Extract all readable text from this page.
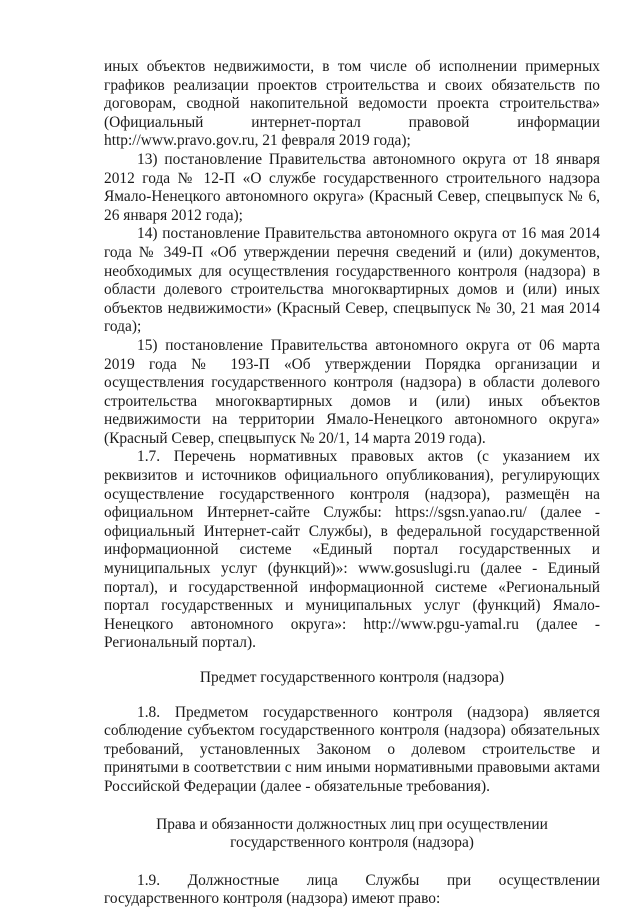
иных объектов недвижимости, в том числе об исполнении примерных графиков реализации проектов строительства и своих обязательств по договорам, сводной накопительной ведомости проекта строительства» (Официальный интернет-портал правовой информации http://www.pravo.gov.ru, 21 февраля 2019 года);

13) постановление Правительства автономного округа от 18 января 2012 года № 12-П «О службе государственного строительного надзора Ямало-Ненецкого автономного округа» (Красный Север, спецвыпуск № 6, 26 января 2012 года);

14) постановление Правительства автономного округа от 16 мая 2014 года № 349-П «Об утверждении перечня сведений и (или) документов, необходимых для осуществления государственного контроля (надзора) в области долевого строительства многоквартирных домов и (или) иных объектов недвижимости» (Красный Север, спецвыпуск № 30, 21 мая 2014 года);

15) постановление Правительства автономного округа от 06 марта 2019 года № 193-П «Об утверждении Порядка организации и осуществления государственного контроля (надзора) в области долевого строительства многоквартирных домов и (или) иных объектов недвижимости на территории Ямало-Ненецкого автономного округа» (Красный Север, спецвыпуск № 20/1, 14 марта 2019 года).

1.7. Перечень нормативных правовых актов (с указанием их реквизитов и источников официального опубликования), регулирующих осуществление государственного контроля (надзора), размещён на официальном Интернет-сайте Службы: https://sgsn.yanao.ru/ (далее - официальный Интернет-сайт Службы), в федеральной государственной информационной системе «Единый портал государственных и муниципальных услуг (функций)»: www.gosuslugi.ru (далее - Единый портал), и государственной информационной системе «Региональный портал государственных и муниципальных услуг (функций) Ямало-Ненецкого автономного округа»: http://www.pgu-yamal.ru (далее - Региональный портал).

Предмет государственного контроля (надзора)

1.8. Предметом государственного контроля (надзора) является соблюдение субъектом государственного контроля (надзора) обязательных требований, установленных Законом о долевом строительстве и принятыми в соответствии с ним иными нормативными правовыми актами Российской Федерации (далее - обязательные требования).

Права и обязанности должностных лиц при осуществлении

государственного контроля (надзора)

1.9. Должностные лица Службы при осуществлении государственного контроля (надзора) имеют право:
